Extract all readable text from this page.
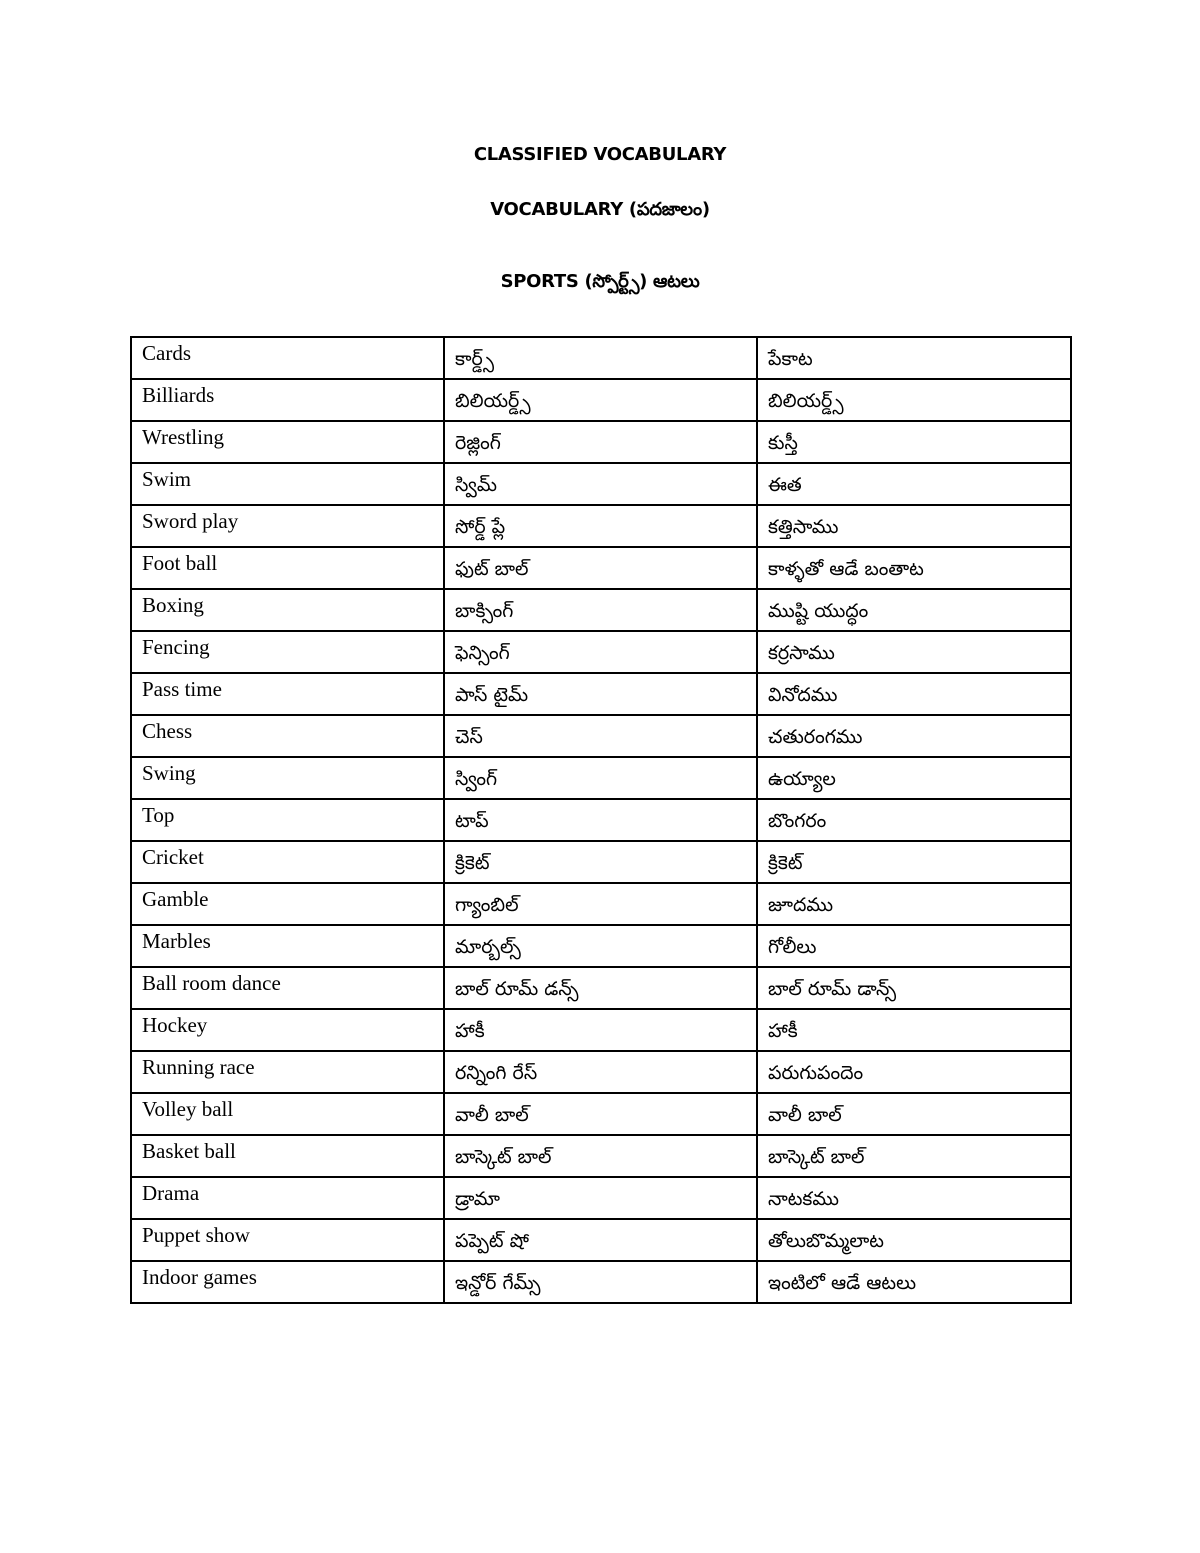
CLASSIFIED VOCABULARY
VOCABULARY (పదజాలం)
SPORTS (స్పోర్ట్స్) ఆటలు
Cards	కార్డ్స్	పేకాట
Billiards	బిలియర్డ్స్	బిలియర్డ్స్
Wrestling	రెజ్లింగ్	కుస్తీ
Swim	స్విమ్	ఈత
Sword play	సోర్డ్ ప్లే	కత్తిసాము
Foot ball	ఫుట్ బాల్	కాళ్ళతో ఆడే బంతాట
Boxing	బాక్సింగ్	ముష్టి యుద్ధం
Fencing	ఫెన్సింగ్	కర్రసాము
Pass time	పాస్ టైమ్	వినోదము
Chess	చెస్	చతురంగము
Swing	స్వింగ్	ఉయ్యాల
Top	టాప్	బొంగరం
Cricket	క్రికెట్	క్రికెట్
Gamble	గ్యాంబిల్	జూదము
Marbles	మార్బల్స్	గోలీలు
Ball room dance	బాల్ రూమ్ డన్స్	బాల్ రూమ్ డాన్స్
Hockey	హాకీ	హాకీ
Running race	రన్నింగి రేస్	పరుగుపందెం
Volley ball	వాలీ బాల్	వాలీ బాల్
Basket ball	బాస్కెట్ బాల్	బాస్కెట్ బాల్
Drama	డ్రామా	నాటకము
Puppet show	పప్పెట్ షో	తోలుబొమ్మలాట
Indoor games	ఇన్డోర్ గేమ్స్	ఇంటిలో ఆడే ఆటలు
